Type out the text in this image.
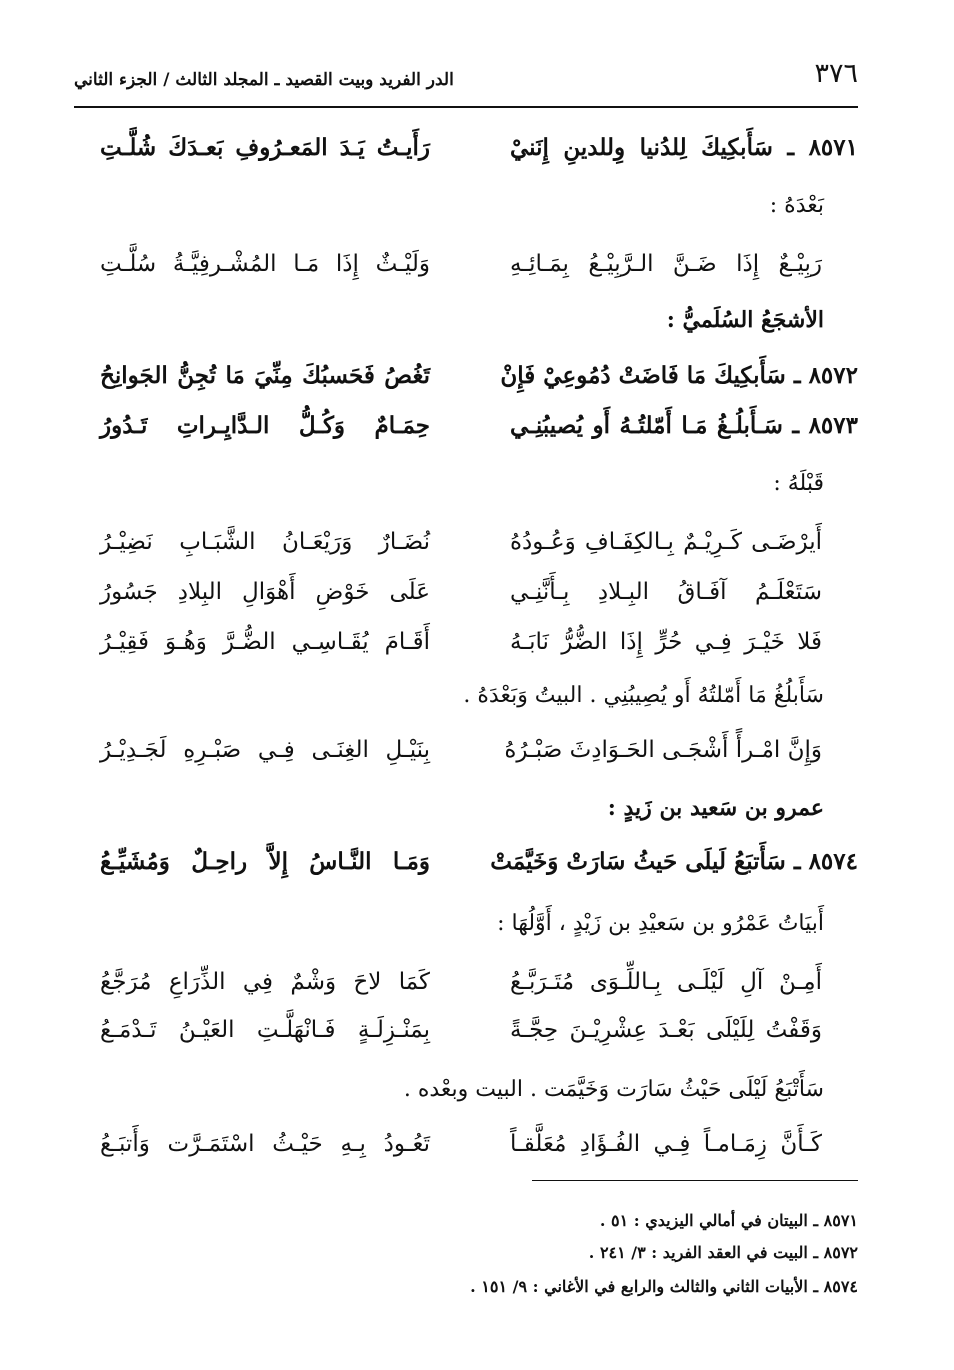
٣٧٦
الدر الفريد وبيت القصيد ـ المجلد الثالث / الجزء الثاني
٨٥٧١ ـ سَأَبكِيكَ لِلدُنيا وِللدينِ إِنَنيْ
رَأَيـتُ يَـدَ المَعـرُوفِ بَعـدَكَ شُلَّـتِ
بَعْدَهُ :
رَبِيْـعٌ إِذَا ضَـنَّ الـرَّبِيْـعُ بِمَـائِـهِ
وَلَيْـثٌ إِذَا مَـا المُشْـرفِيَّـةُ سُلَّـتِ
الأشجَعُ السُلَميُّ :
٨٥٧٢ ـ سَأَبكِيكَ مَا فَاضَتْ دُمُوعِيْ فَإِنْ
تَغُصُ فَحَسبُكَ مِنِّيَ مَا تُجِنُّ الجَوانِحُ
٨٥٧٣ ـ سَـأَبلُـغُ مَـا أَمّلتُـهُ أَو يُصيبُنِـي
حِمَـامٌ وَكُـلُّ الـدَّايِـراتِ تَـدُورُ
قَبْلَهُ :
أَيرْضَـى كَـرِيْـمٌ بِـالكِفَـافِ وَعُـودُهُ
نُضَـارٌ وَرَيْعَـانُ الشَّبَـابِ نَضِيْـرُ
سَتَعْلَـمُ آفَـاقُ البِـلادِ بِـأَنَّنِـي
عَلَى خَوْضِ أَهْوَالِ البِلادِ جَسُورُ
فَلا خَيْـرَ فِـي حُرٍّ إِذَا الضُّرُّ نَابَـهُ
أَقَـامَ يُقَـاسِـي الضُّـرَّ وَهُـوَ فَقِيْـرُ
سَأَبلُغُ مَا أَمّلتُهُ أَو يُصِيبُنِي . البيتُ وَبَعْدَهُ .
وَإِنَّ امْـرأً أَشْجَـى الحَـوَادِثَ صَبْـرُهُ
بِنَيْـلِ الغِنَـى فِـي صَبْـرِهِ لَجَـدِيْـرُ
عمرو بن سَعيد بن زَيدٍ :
٨٥٧٤ ـ سَأَتبَعُ لَيلَى حَيثُ سَارَتْ وَخَيَّمَتْ
وَمَـا النَّـاسُ إِلاَّ راحِـلٌ وَمُشَيِّـعُ
أَبيَاتُ عَمْرُو بن سَعيْدِ بن زَيْدٍ ، أَوَّلُهَا :
أَمِـنْ آلِ لَيْلَـى بِـاللِّـوَى مُتَـرَبَّـعُ
كَمَا لاحَ وَشْمٌ فِي الذِّرَاعِ مُرَجَّعُ
وَقَفْتُ لِلَيْلَى بَعْـدَ عِشْرِيْـنَ حِجَّـةً
بِمَنْـزِلَـةٍ فَـانْهَلَّـتِ العَيْـنُ تَـدْمَـعُ
سَأَتْبَعُ لَيْلَى حَيْثُ سَارَت وَخَيَّمَت . البيت وبعْده .
كَـأَنَّ زِمَـامـاً فِـي الفُـؤَادِ مُعَلَّقـاً
تَعُـودُ بِـهِ حَيْـثُ اسْتَمَـرَّت وَأَتبَـعُ
٨٥٧١ ـ البيتان في أمالي اليزيدي : ٥١ .
٨٥٧٢ ـ البيت في العقد الفريد : ٣/ ٢٤١ .
٨٥٧٤ ـ الأبيات الثاني والثالث والرابع في الأغاني : ٩/ ١٥١ .
